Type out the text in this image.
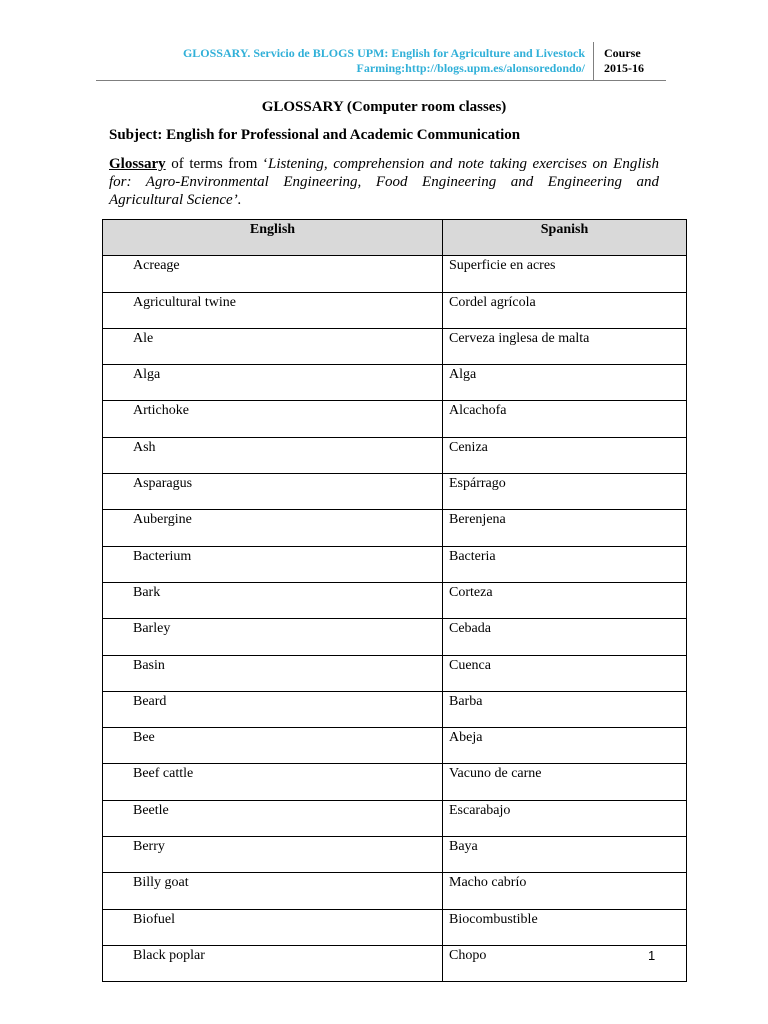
GLOSSARY. Servicio de BLOGS UPM: English for Agriculture and Livestock
Farming:http://blogs.upm.es/alonsoredondo/
Course
2015-16
GLOSSARY (Computer room classes)
Subject: English for Professional and Academic Communication
Glossary of terms from ‘Listening, comprehension and note taking exercises on English for: Agro-Environmental Engineering, Food Engineering and Engineering and Agricultural Science’.
English	Spanish
Acreage	Superficie en acres
Agricultural twine	Cordel agrícola
Ale	Cerveza inglesa de malta
Alga	Alga
Artichoke	Alcachofa
Ash	Ceniza
Asparagus	Espárrago
Aubergine	Berenjena
Bacterium	Bacteria
Bark	Corteza
Barley	Cebada
Basin	Cuenca
Beard	Barba
Bee	Abeja
Beef cattle	Vacuno de carne
Beetle	Escarabajo
Berry	Baya
Billy goat	Macho cabrío
Biofuel	Biocombustible
Black poplar	Chopo	1
